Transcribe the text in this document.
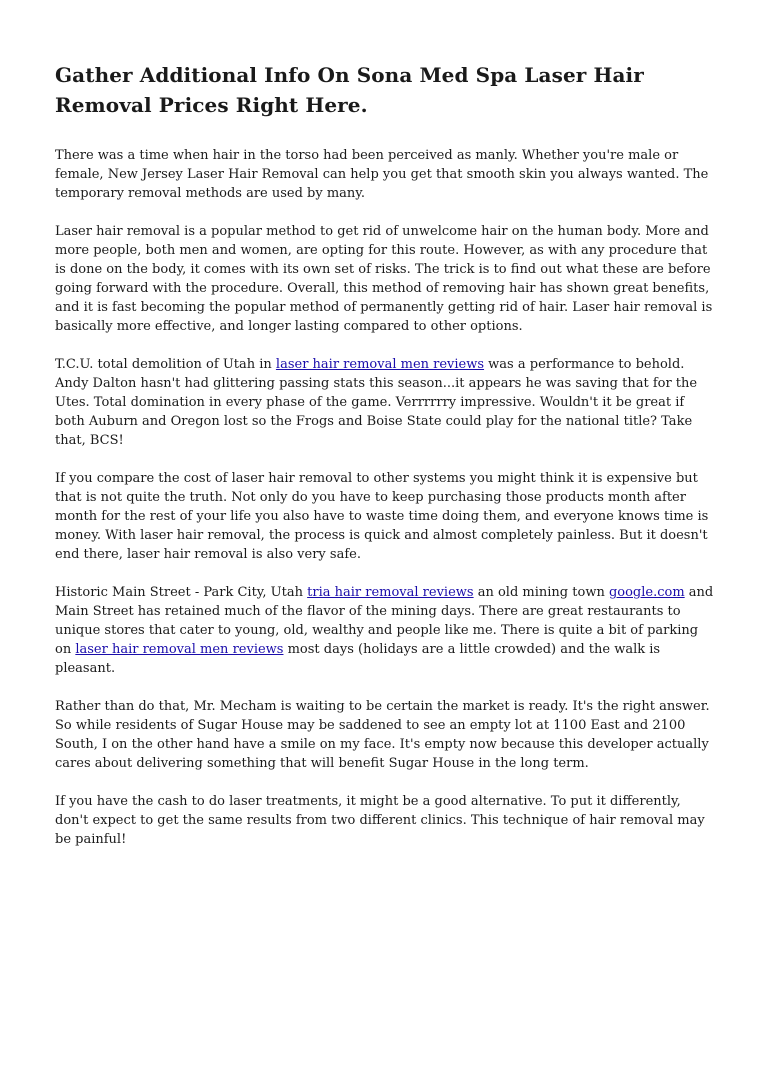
Gather Additional Info On Sona Med Spa Laser Hair Removal Prices Right Here.

There was a time when hair in the torso had been perceived as manly. Whether you're male or female, New Jersey Laser Hair Removal can help you get that smooth skin you always wanted. The temporary removal methods are used by many.

Laser hair removal is a popular method to get rid of unwelcome hair on the human body. More and more people, both men and women, are opting for this route. However, as with any procedure that is done on the body, it comes with its own set of risks. The trick is to find out what these are before going forward with the procedure. Overall, this method of removing hair has shown great benefits, and it is fast becoming the popular method of permanently getting rid of hair. Laser hair removal is basically more effective, and longer lasting compared to other options.

T.C.U. total demolition of Utah in laser hair removal men reviews was a performance to behold. Andy Dalton hasn't had glittering passing stats this season...it appears he was saving that for the Utes. Total domination in every phase of the game. Verrrrrry impressive. Wouldn't it be great if both Auburn and Oregon lost so the Frogs and Boise State could play for the national title? Take that, BCS!

If you compare the cost of laser hair removal to other systems you might think it is expensive but that is not quite the truth. Not only do you have to keep purchasing those products month after month for the rest of your life you also have to waste time doing them, and everyone knows time is money. With laser hair removal, the process is quick and almost completely painless. But it doesn't end there, laser hair removal is also very safe.

Historic Main Street - Park City, Utah tria hair removal reviews an old mining town google.com and Main Street has retained much of the flavor of the mining days. There are great restaurants to unique stores that cater to young, old, wealthy and people like me. There is quite a bit of parking on laser hair removal men reviews most days (holidays are a little crowded) and the walk is pleasant.

Rather than do that, Mr. Mecham is waiting to be certain the market is ready. It's the right answer. So while residents of Sugar House may be saddened to see an empty lot at 1100 East and 2100 South, I on the other hand have a smile on my face. It's empty now because this developer actually cares about delivering something that will benefit Sugar House in the long term.

If you have the cash to do laser treatments, it might be a good alternative. To put it differently, don't expect to get the same results from two different clinics. This technique of hair removal may be painful!
